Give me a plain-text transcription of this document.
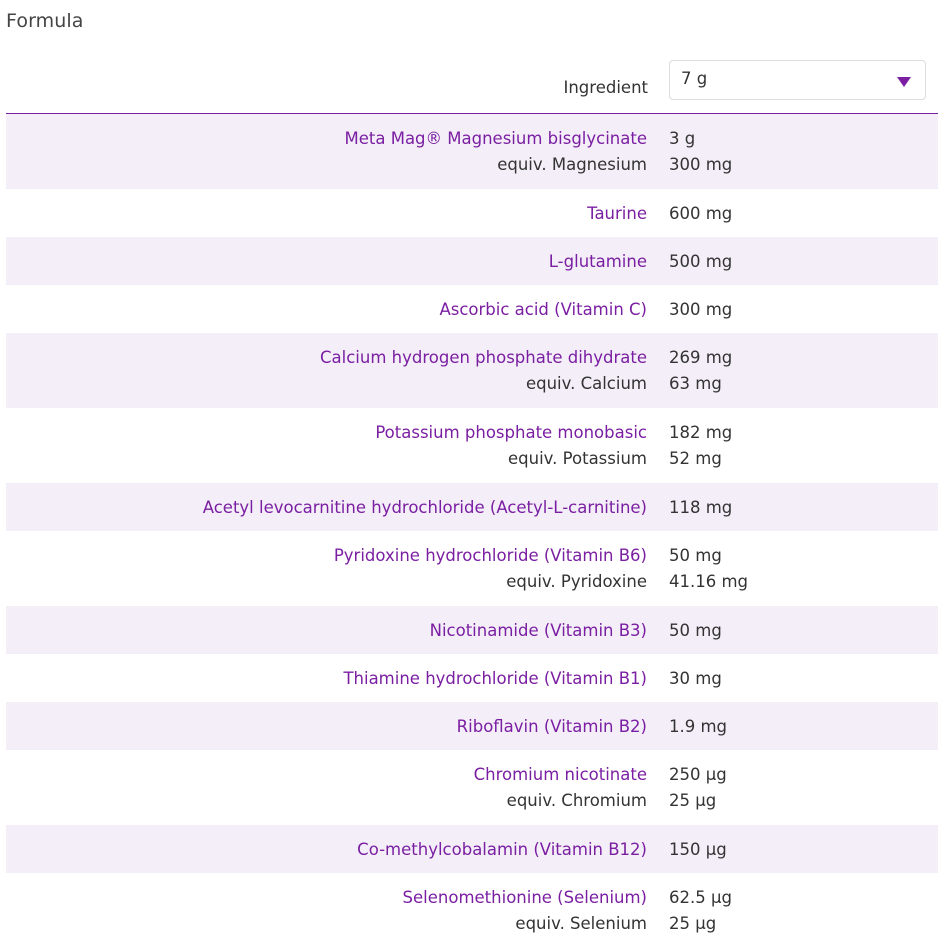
Formula
Ingredient 7 g
Meta Mag® Magnesium bisglycinate	3 g
equiv. Magnesium	300 mg
Taurine	600 mg
L-glutamine	500 mg
Ascorbic acid (Vitamin C)	300 mg
Calcium hydrogen phosphate dihydrate	269 mg
equiv. Calcium	63 mg
Potassium phosphate monobasic	182 mg
equiv. Potassium	52 mg
Acetyl levocarnitine hydrochloride (Acetyl-L-carnitine)	118 mg
Pyridoxine hydrochloride (Vitamin B6)	50 mg
equiv. Pyridoxine	41.16 mg
Nicotinamide (Vitamin B3)	50 mg
Thiamine hydrochloride (Vitamin B1)	30 mg
Riboflavin (Vitamin B2)	1.9 mg
Chromium nicotinate	250 µg
equiv. Chromium	25 µg
Co-methylcobalamin (Vitamin B12)	150 µg
Selenomethionine (Selenium)	62.5 µg
equiv. Selenium	25 µg
